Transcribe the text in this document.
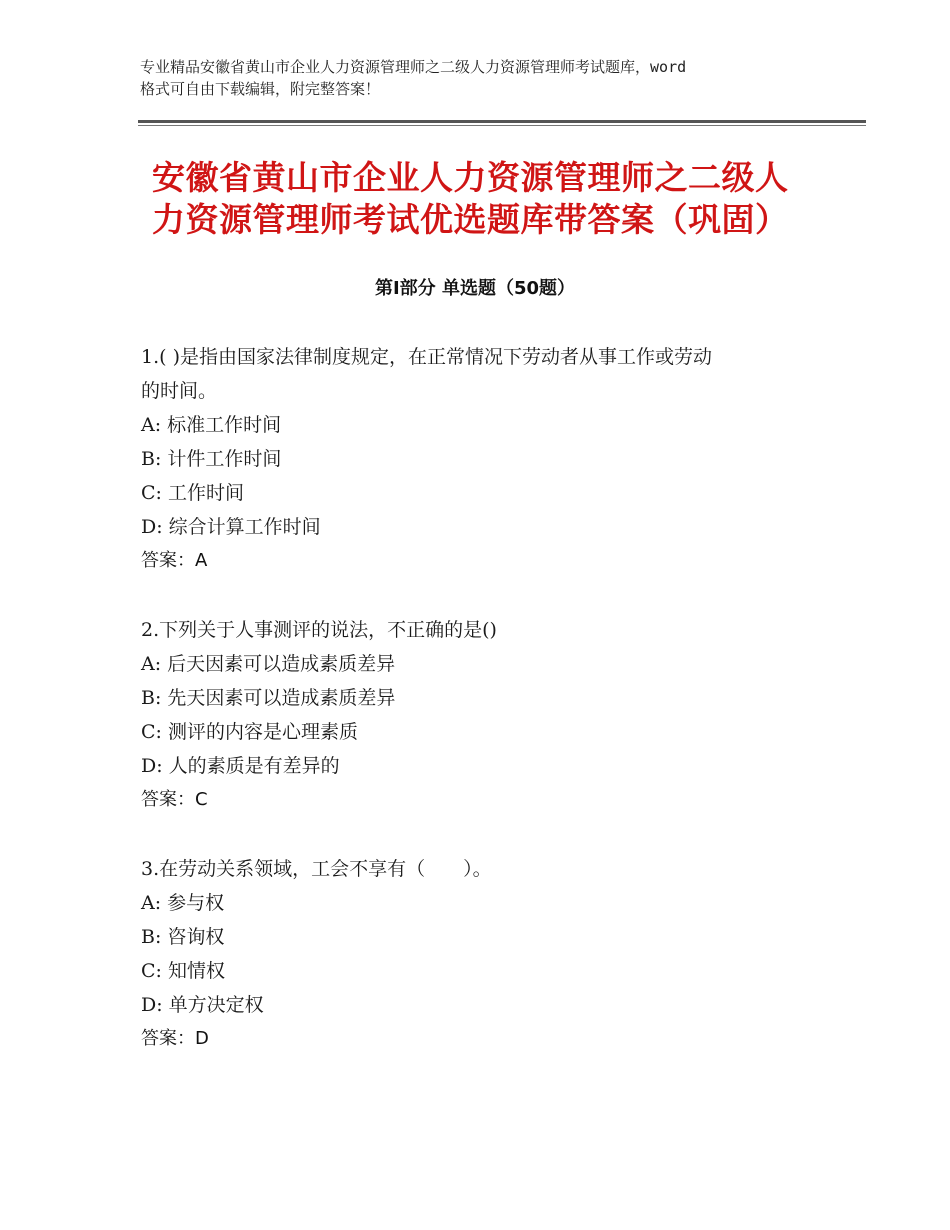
专业精品安徽省黄山市企业人力资源管理师之二级人力资源管理师考试题库，word
格式可自由下载编辑，附完整答案！
安徽省黄山市企业人力资源管理师之二级人
力资源管理师考试优选题库带答案（巩固）
第Ⅰ部分 单选题（50题）
1.( )是指由国家法律制度规定，在正常情况下劳动者从事工作或劳动
的时间。
A: 标准工作时间
B: 计件工作时间
C: 工作时间
D: 综合计算工作时间
答案：A
2.下列关于人事测评的说法，不正确的是()
A: 后天因素可以造成素质差异
B: 先天因素可以造成素质差异
C: 测评的内容是心理素质
D: 人的素质是有差异的
答案：C
3.在劳动关系领域，工会不享有（　　）。
A: 参与权
B: 咨询权
C: 知情权
D: 单方决定权
答案：D
